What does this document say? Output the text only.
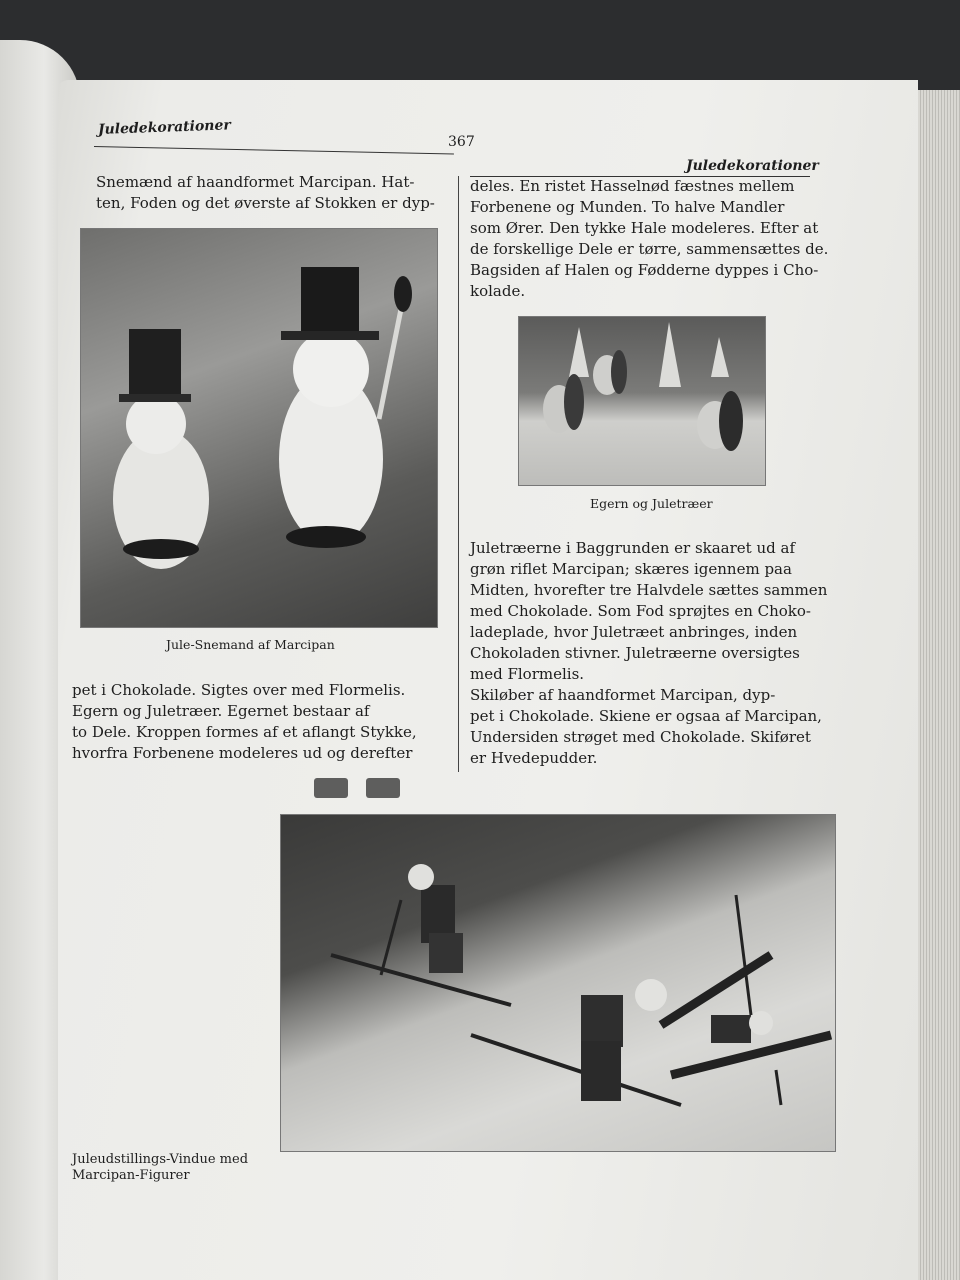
Juledekorationer
367
Juledekorationer

Snemænd af haandformet Marcipan. Hat-

ten, Foden og det øverste af Stokken er dyp-

Jule-Snemand af Marcipan

pet i Chokolade. Sigtes over med Flormelis.

Egern og Juletræer. Egernet bestaar af

to Dele. Kroppen formes af et aflangt Stykke,

hvorfra Forbenene modeleres ud og derefter

deles. En ristet Hasselnød fæstnes mellem

Forbenene og Munden. To halve Mandler

som Ører. Den tykke Hale modeleres. Efter at

de forskellige Dele er tørre, sammensættes de.

Bagsiden af Halen og Fødderne dyppes i Cho-

kolade.

Egern og Juletræer

Juletræerne i Baggrunden er skaaret ud af

grøn riflet Marcipan; skæres igennem paa

Midten, hvorefter tre Halvdele sættes sammen

med Chokolade. Som Fod sprøjtes en Choko-

ladeplade, hvor Juletræet anbringes, inden

Chokoladen stivner. Juletræerne oversigtes

med Flormelis.

Skiløber af haandformet Marcipan, dyp-

pet i Chokolade. Skiene er ogsaa af Marcipan,

Undersiden strøget med Chokolade. Skiføret

er Hvedepudder.

Juleudstillings-Vindue med
Marcipan-Figurer
